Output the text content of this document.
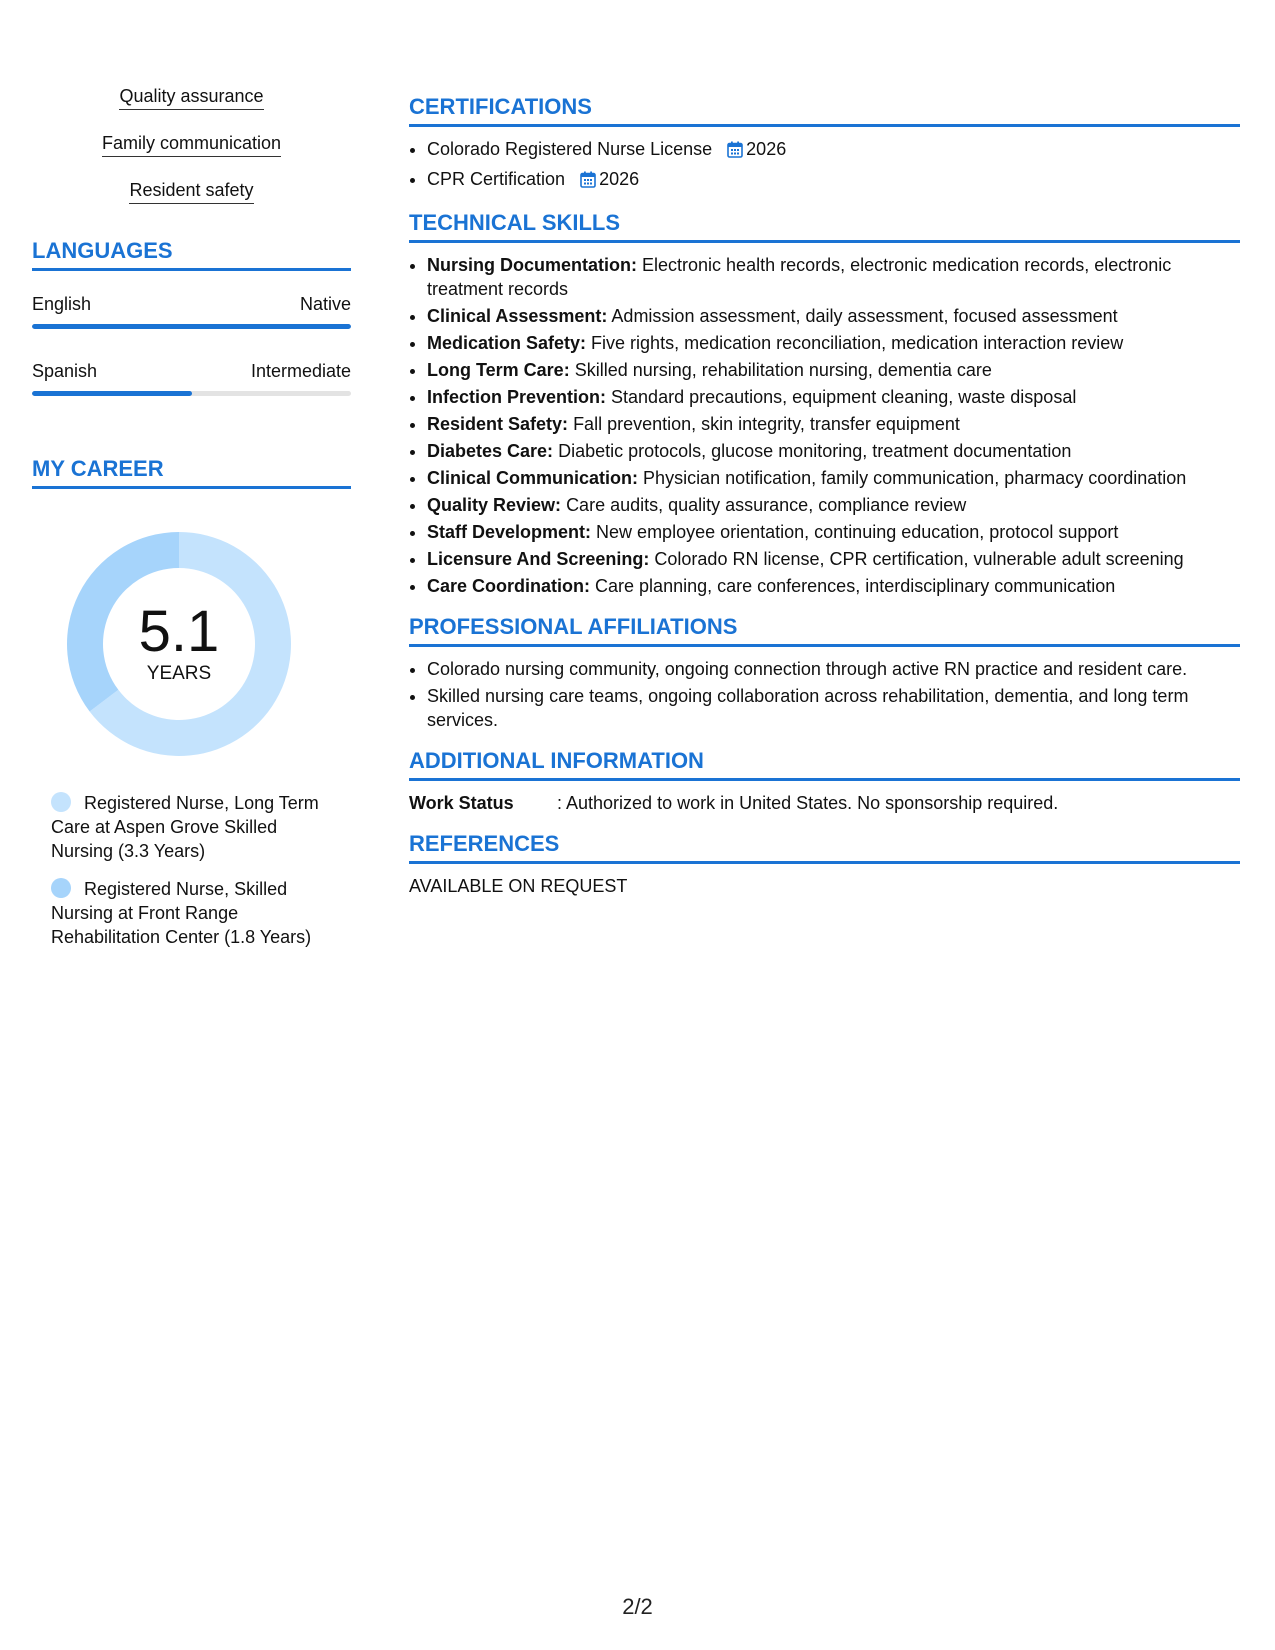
Quality assurance
Family communication
Resident safety
LANGUAGES
English	Native
Spanish	Intermediate
MY CAREER
5.1
YEARS
Registered Nurse, Long Term Care at Aspen Grove Skilled Nursing (3.3 Years)
Registered Nurse, Skilled Nursing at Front Range Rehabilitation Center (1.8 Years)
CERTIFICATIONS
• Colorado Registered Nurse License 2026
• CPR Certification 2026
TECHNICAL SKILLS
• Nursing Documentation: Electronic health records, electronic medication records, electronic treatment records
• Clinical Assessment: Admission assessment, daily assessment, focused assessment
• Medication Safety: Five rights, medication reconciliation, medication interaction review
• Long Term Care: Skilled nursing, rehabilitation nursing, dementia care
• Infection Prevention: Standard precautions, equipment cleaning, waste disposal
• Resident Safety: Fall prevention, skin integrity, transfer equipment
• Diabetes Care: Diabetic protocols, glucose monitoring, treatment documentation
• Clinical Communication: Physician notification, family communication, pharmacy coordination
• Quality Review: Care audits, quality assurance, compliance review
• Staff Development: New employee orientation, continuing education, protocol support
• Licensure And Screening: Colorado RN license, CPR certification, vulnerable adult screening
• Care Coordination: Care planning, care conferences, interdisciplinary communication
PROFESSIONAL AFFILIATIONS
• Colorado nursing community, ongoing connection through active RN practice and resident care.
• Skilled nursing care teams, ongoing collaboration across rehabilitation, dementia, and long term services.
ADDITIONAL INFORMATION
Work Status	: Authorized to work in United States. No sponsorship required.
REFERENCES
AVAILABLE ON REQUEST
2/2
